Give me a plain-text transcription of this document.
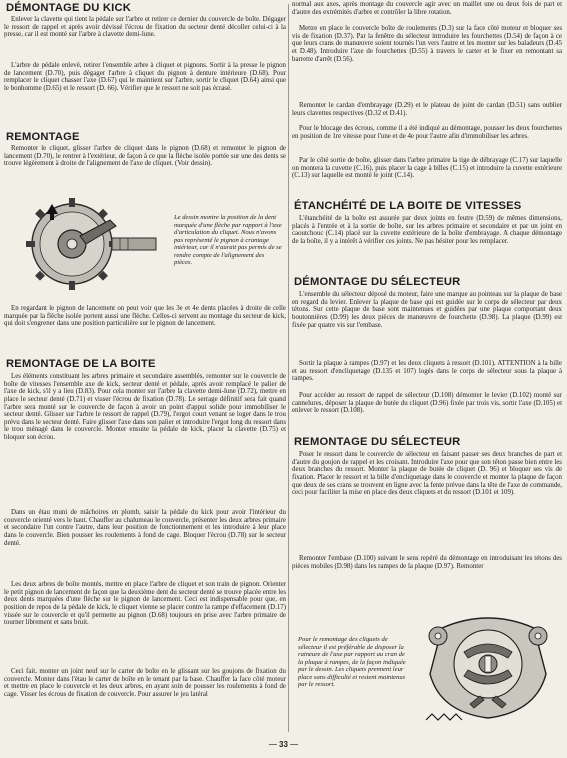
DÉMONTAGE DU KICK

Enlever la clavette qui tient la pédale sur l'arbre et retirer ce dernier du couvercle de boîte. Dégager le ressort de rappel et après avoir dévissé l'écrou de fixation du secteur denté décoller celui-ci à la presse, car il est monté sur l'arbre à clavette demi-lune.

L'arbre de pédale enlevé, retirer l'ensemble arbre à cliquet et pignons. Sortir à la presse le pignon de lancement (D.70), puis dégager l'arbre à cliquet du pignon à denture intérieure (D.68). Pour remplacer le cliquet chasser l'axe (D.67) qui le maintient sur l'arbre, sortir le cliquet (D.64) ainsi que le bonhomme (D.65) et le ressort (D. 66). Vérifier que le ressort ne soit pas écrasé.

REMONTAGE

Remonter le cliquet, glisser l'arbre de cliquet dans le pignon (D.68) et remonter le pignon de lancement (D.70), le rentrer à l'extérieur, de façon à ce que la flèche isolée portée sur une des dents se trouve légèrement à droite de l'alignement de l'axe de cliquet. (Voir dessin).

Le dessin montre la position de la dent marquée d'une flèche par rapport à l'axe d'articulation du cliquet. Nous n'avons pas représenté le pignon à crantage intérieur, car il n'aurait pas permis de se rendre compte de l'alignement des pièces.

En regardant le pignon de lancement on peut voir que les 3e et 4e dents placées à droite de celle marquée par la flèche isolée portent aussi une flèche. Celles-ci servent au montage du secteur de kick, qui doit s'engrener dans une position particulière sur le pignon de lancement.

REMONTAGE DE LA BOITE

Les éléments constituant les arbres primaire et secondaire assemblés, remonter sur le couvercle de boîte de vitesses l'ensemble axe de kick, secteur denté et pédale, après avoir remplacé le palier de l'axe de kick, s'il y a lieu (D.83). Pour cela monter sur l'arbre la clavette demi-lune (D.72), mettre en place le secteur denté (D.71) et visser l'écrou de fixation (D.78). Le serrage définitif sera fait quand l'arbre sera monté sur le couvercle de façon à avoir un point d'appui solide pour immobiliser le secteur denté. Glisser sur l'arbre le ressort de rappel (D.79), l'ergot court venant se loger dans le trou prévu dans le secteur denté. Faire glisser l'axe dans son palier et introduire l'ergot long du ressort dans le trou ménagé dans le couvercle. Monter ensuite la pédale de kick, placer la clavette (D.75) et bloquer son écrou.

Dans un étau muni de mâchoires en plomb, saisir la pédale du kick pour avoir l'intérieur du couvercle orienté vers le haut. Chauffer au chalumeau le couvercle, présenter les deux arbres primaire et secondaire l'un contre l'autre, dans leur position de fonctionnement et les introduire à leur place dans le couvercle. Bien pousser les roulements à fond de cage. Bloquer l'écrou (D.78) sur le secteur denté.

Les deux arbres de boîte montés, mettre en place l'arbre de cliquet et son train de pignon. Orienter le petit pignon de lancement de façon que la deuxième dent du secteur denté se trouve placée entre les deux dents marquées d'une flèche sur le pignon de lancement. Ceci est indispensable pour que, en position de repos de la pédale de kick, le cliquet vienne se placer contre la rampe d'effacement (D.17) vissée sur le couvercle et qu'il permette au pignon (D.68) toujours en prise avec l'arbre primaire de tourner librement et sans bruit.

Ceci fait, monter un joint neuf sur le carter de boîte en le glissant sur les goujons de fixation du couvercle. Monter dans l'étau le carter de boîte en le tenant par la base. Chauffer la face côté moteur et mettre en place le couvercle et les deux arbres, en ayant soin de pousser les roulements à fond de cage. Visser les écrous de fixation de couvercle. Pour assurer le jeu latéral

normal aux axes, après montage du couvercle agir avec un maillet une ou deux fois de part et d'autre des extrémités d'arbre et contrôler la libre rotation.

Mettre en place le couvercle boîte de roulements (D.3) sur la face côté moteur et bloquer ses vis de fixation (D.37). Par la fenêtre du sélecteur introduire les fourchettes (D.54) de façon à ce que leurs crans de manœuvre soient tournés l'un vers l'autre et les monter sur les baladeurs (D.45 et D.48). Introduire l'axe de fourchettes (D.55) à travers le carter et le fixer en remontant sa barrette d'arrêt (D.56).

Remonter le cardan d'embrayage (D.29) et le plateau de joint de cardan (D.51) sans oublier leurs clavettes respectives (D.32 et D.41).

Pour le blocage des écrous, comme il a été indiqué au démontage, pousser les deux fourchettes en position de 1re vitesse pour l'une et de 4e pour l'autre afin d'immobiliser les arbres.

Par le côté sortie de boîte, glisser dans l'arbre primaire la tige de débrayage (C.17) sur laquelle on montera la cuvette (C.16), puis placer la cage à billes (C.15) et introduire la cuvette extérieure (C.13) sur laquelle est monté le joint (C.14).

ÉTANCHÉITÉ DE LA BOITE DE VITESSES

L'étanchéité de la boîte est assurée par deux joints en feutre (D.59) de mêmes dimensions, placés à l'entrée et à la sortie de boîte, sur les arbres primaire et secondaire et par un joint en caoutchouc (C.14) placé sur la cuvette extérieure de la boîte d'embrayage. A chaque démontage de la boîte, il y a intérêt à vérifier ces joints. Ne pas hésiter pour les remplacer.

DÉMONTAGE DU SÉLECTEUR

L'ensemble du sélecteur déposé du moteur, faire une marque au pointeau sur la plaque de base en regard du levier. Enlever la plaque de base qui est guidée sur le corps de sélecteur par deux tétons. Sur cette plaque de base sont maintenues et guidées par une plaque comportant deux boutonnières (D.99) les deux pièces de manœuvre de fourchette (D.98). La plaque (D.99) est fixée par quatre vis sur l'embase.

Sortir la plaque à rampes (D.97) et les deux cliquets à ressort (D.101). ATTENTION à la bille et au ressort d'encliquetage (D.135 et 107) logés dans le corps de sélecteur sous la plaque à rampes.

Pour accéder au ressort de rappel de sélecteur (D.108) démonter le levier (D.102) monté sur cannelures, déposer la plaque de butée du cliquet (D.96) fixée par trois vis, sortir l'axe (D.105) et enlever le ressort (D.108).

REMONTAGE DU SÉLECTEUR

Poser le ressort dans le couvercle de sélecteur en faisant passer ses deux branches de part et d'autre du goujon de rappel et les croisant. Introduire l'axe pour que son téton passe bien entre les deux branches du ressort. Monter la plaque de butée de cliquet (D. 96) et bloquer ses vis de fixation. Placer le ressort et la bille d'encliquetage dans le couvercle et monter la plaque de façon que deux de ses crans se trouvent en ligne avec la fente prévue dans la tête de l'axe de commande, ceci pour faciliter la mise en place des deux cliquets et du ressort (D.101 et 109).

Remonter l'embase (D.100) suivant le sens repéré du démontage en introduisant les tétons des pièces mobiles (D.98) dans les rampes de la plaque (D.97). Remonter

Pour le remontage des cliquets de sélecteur il est préférable de disposer la raineure de l'axe par rapport au cran de la plaque à rampes, de la façon indiquée par le dessin. Les cliquets prennent leur place sans difficulté et restent maintenus par le ressort.

— 33 —
